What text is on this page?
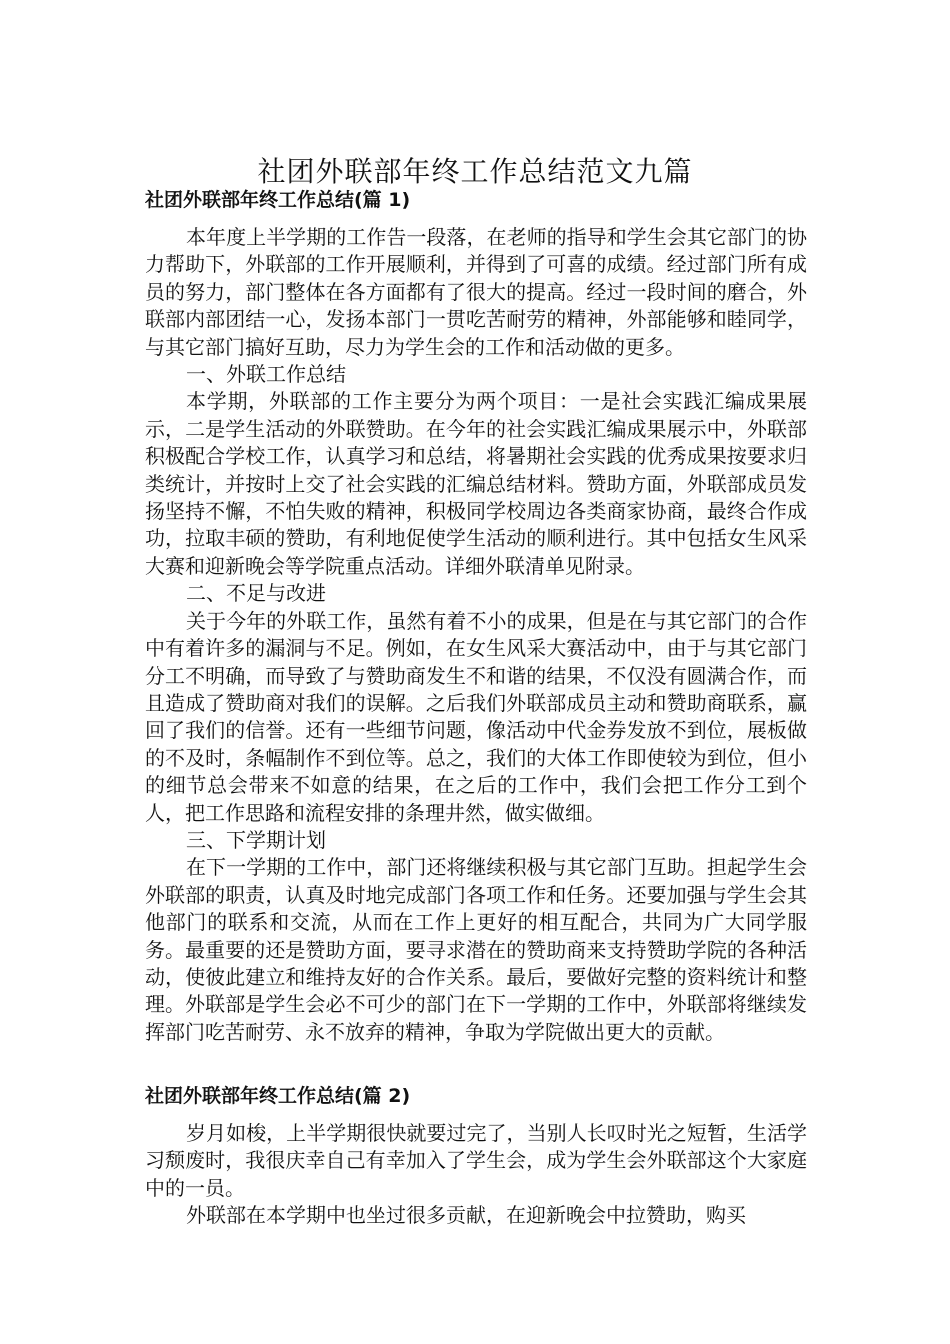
社团外联部年终工作总结范文九篇
社团外联部年终工作总结(篇 1)

本年度上半学期的工作告一段落，在老师的指导和学生会其它部门的协力帮助下，外联部的工作开展顺利，并得到了可喜的成绩。经过部门所有成员的努力，部门整体在各方面都有了很大的提高。经过一段时间的磨合，外联部内部团结一心，发扬本部门一贯吃苦耐劳的精神，外部能够和睦同学，与其它部门搞好互助，尽力为学生会的工作和活动做的更多。

一、外联工作总结

本学期，外联部的工作主要分为两个项目：一是社会实践汇编成果展示，二是学生活动的外联赞助。在今年的社会实践汇编成果展示中，外联部积极配合学校工作，认真学习和总结，将暑期社会实践的优秀成果按要求归类统计，并按时上交了社会实践的汇编总结材料。赞助方面，外联部成员发扬坚持不懈，不怕失败的精神，积极同学校周边各类商家协商，最终合作成功，拉取丰硕的赞助，有利地促使学生活动的顺利进行。其中包括女生风采大赛和迎新晚会等学院重点活动。详细外联清单见附录。

二、不足与改进

关于今年的外联工作，虽然有着不小的成果，但是在与其它部门的合作中有着许多的漏洞与不足。例如，在女生风采大赛活动中，由于与其它部门分工不明确，而导致了与赞助商发生不和谐的结果，不仅没有圆满合作，而且造成了赞助商对我们的误解。之后我们外联部成员主动和赞助商联系，赢回了我们的信誉。还有一些细节问题，像活动中代金券发放不到位，展板做的不及时，条幅制作不到位等。总之，我们的大体工作即使较为到位，但小的细节总会带来不如意的结果，在之后的工作中，我们会把工作分工到个人，把工作思路和流程安排的条理井然，做实做细。

三、下学期计划

在下一学期的工作中，部门还将继续积极与其它部门互助。担起学生会外联部的职责，认真及时地完成部门各项工作和任务。还要加强与学生会其他部门的联系和交流，从而在工作上更好的相互配合，共同为广大同学服务。最重要的还是赞助方面，要寻求潜在的赞助商来支持赞助学院的各种活动，使彼此建立和维持友好的合作关系。最后，要做好完整的资料统计和整理。外联部是学生会必不可少的部门在下一学期的工作中，外联部将继续发挥部门吃苦耐劳、永不放弃的精神，争取为学院做出更大的贡献。

社团外联部年终工作总结(篇 2)

岁月如梭，上半学期很快就要过完了，当别人长叹时光之短暂，生活学习颓废时，我很庆幸自己有幸加入了学生会，成为学生会外联部这个大家庭中的一员。

外联部在本学期中也坐过很多贡献，在迎新晚会中拉赞助，购买
